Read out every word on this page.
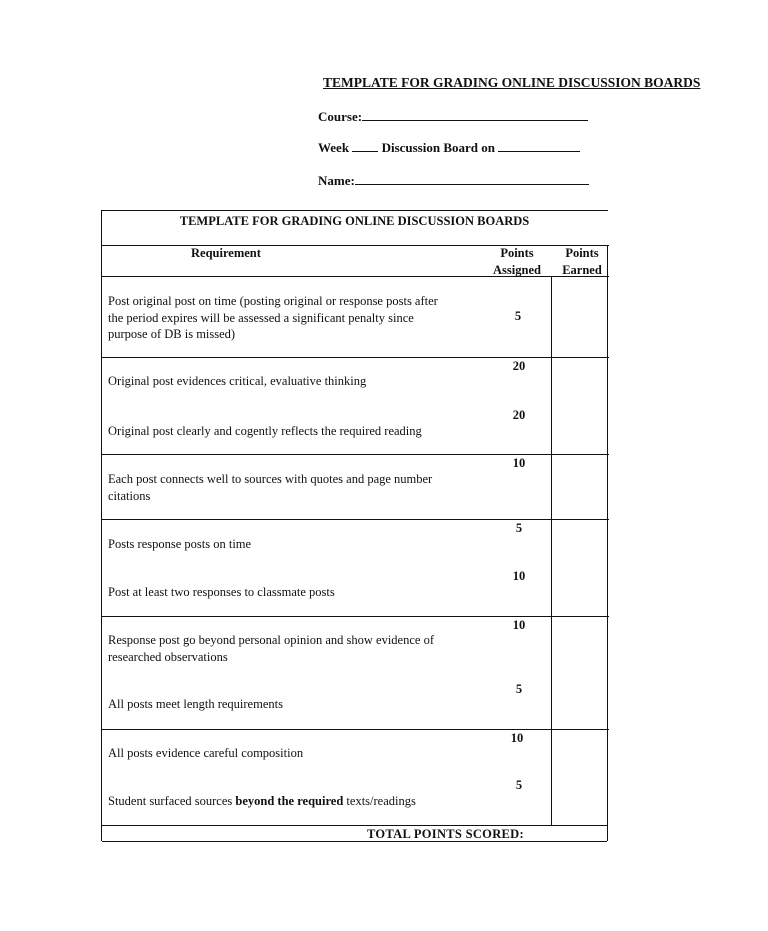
TEMPLATE FOR GRADING ONLINE DISCUSSION BOARDS
Course:
Week	Discussion Board on
Name:
TEMPLATE FOR GRADING ONLINE DISCUSSION BOARDS
Requirement	Points
Assigned
Points
Earned
Post original post on time (posting original or response posts after
the period expires will be assessed a significant penalty since
purpose of DB is missed)
5
Original post evidences critical, evaluative thinking
20
Original post clearly and cogently reflects the required reading
20
Each post connects well to sources with quotes and page number
citations
10
Posts response posts on time
5
Post at least two responses to classmate posts
10
Response post go beyond personal opinion and show evidence of
researched observations
10
All posts meet length requirements
5
All posts evidence careful composition
10
Student surfaced sources beyond the required texts/readings
5
TOTAL POINTS SCORED:
